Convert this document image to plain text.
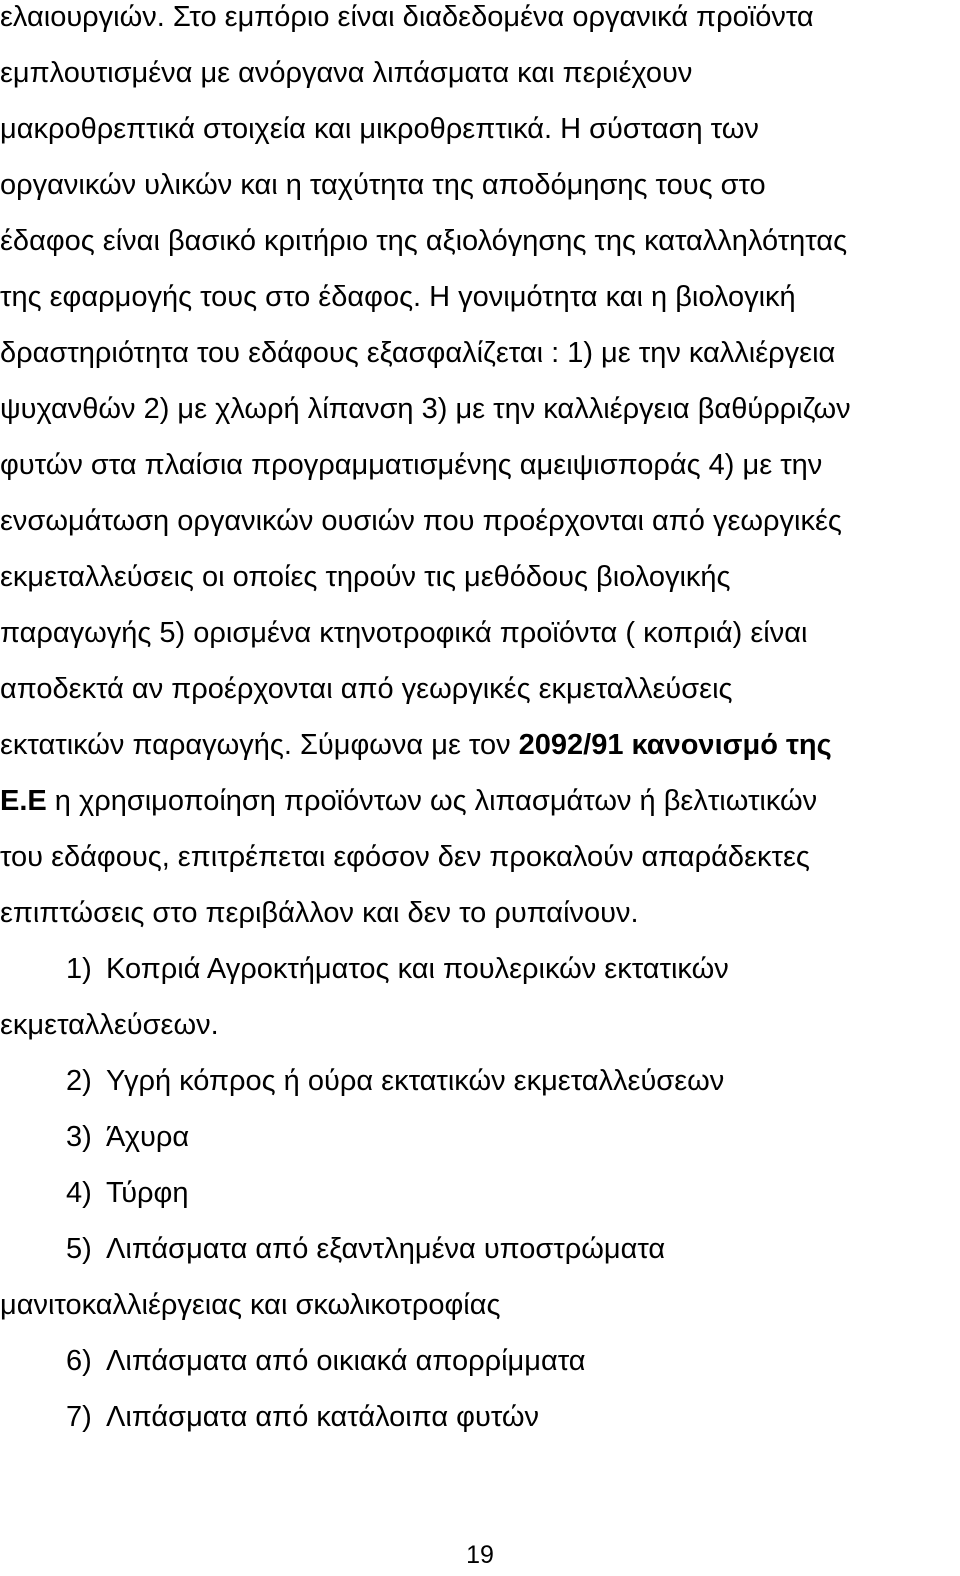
ελαιουργιών. Στο εμπόριο είναι διαδεδομένα οργανικά προϊόντα
εμπλουτισμένα με ανόργανα λιπάσματα και περιέχουν
μακροθρεπτικά στοιχεία και μικροθρεπτικά. Η σύσταση των
οργανικών υλικών και η ταχύτητα της αποδόμησης τους στο
έδαφος είναι βασικό κριτήριο της αξιολόγησης της καταλληλότητας
της εφαρμογής τους στο έδαφος. Η γονιμότητα και η βιολογική
δραστηριότητα του εδάφους εξασφαλίζεται : 1) με την καλλιέργεια
ψυχανθών 2) με χλωρή λίπανση 3) με την καλλιέργεια βαθύρριζων
φυτών στα πλαίσια προγραμματισμένης αμειψισποράς 4) με την
ενσωμάτωση οργανικών ουσιών που προέρχονται από γεωργικές
εκμεταλλεύσεις οι οποίες τηρούν τις μεθόδους βιολογικής
παραγωγής 5) ορισμένα κτηνοτροφικά προϊόντα ( κοπριά) είναι
αποδεκτά αν προέρχονται από γεωργικές εκμεταλλεύσεις
εκτατικών παραγωγής. Σύμφωνα με τον 2092/91 κανονισμό της
Ε.Ε η χρησιμοποίηση προϊόντων ως λιπασμάτων ή βελτιωτικών
του εδάφους, επιτρέπεται εφόσον δεν προκαλούν απαράδεκτες
επιπτώσεις στο περιβάλλον και δεν το ρυπαίνουν.
1) Κοπριά Αγροκτήματος και πουλερικών εκτατικών
εκμεταλλεύσεων.
2) Υγρή κόπρος ή ούρα εκτατικών εκμεταλλεύσεων
3) Άχυρα
4) Τύρφη
5) Λιπάσματα από εξαντλημένα υποστρώματα
μανιτοκαλλιέργειας και σκωλικοτροφίας
6) Λιπάσματα από οικιακά απορρίμματα
7) Λιπάσματα από κατάλοιπα φυτών
19
